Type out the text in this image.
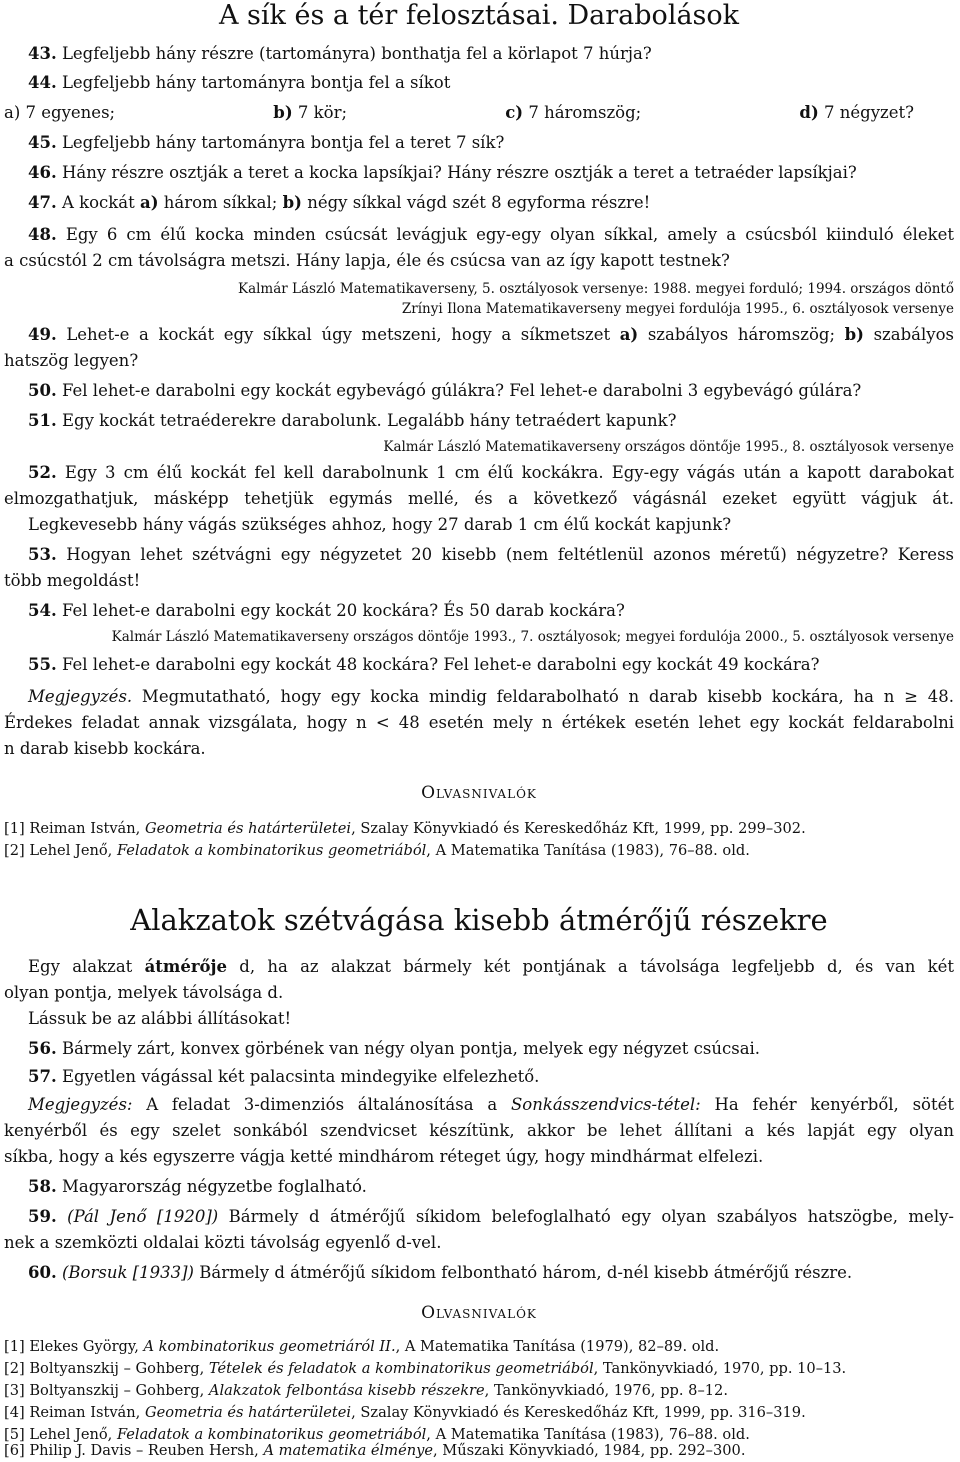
A sík és a tér felosztásai. Darabolások
43. Legfeljebb hány részre (tartományra) bonthatja fel a körlapot 7 húrja?
44. Legfeljebb hány tartományra bontja fel a síkot
a) 7 egyenes;	b) 7 kör;	c) 7 háromszög;	d) 7 négyzet?
45. Legfeljebb hány tartományra bontja fel a teret 7 sík?
46. Hány részre osztják a teret a kocka lapsíkjai? Hány részre osztják a teret a tetraéder lapsíkjai?
47. A kockát a) három síkkal; b) négy síkkal vágd szét 8 egyforma részre!
48. Egy 6 cm élű kocka minden csúcsát levágjuk egy-egy olyan síkkal, amely a csúcsból kiinduló éleket
a csúcstól 2 cm távolságra metszi. Hány lapja, éle és csúcsa van az így kapott testnek?
Kalmár László Matematikaverseny, 5. osztályosok versenye: 1988. megyei forduló; 1994. országos döntő
Zrínyi Ilona Matematikaverseny megyei fordulója 1995., 6. osztályosok versenye
49. Lehet-e a kockát egy síkkal úgy metszeni, hogy a síkmetszet a) szabályos háromszög; b) szabályos
hatszög legyen?
50. Fel lehet-e darabolni egy kockát egybevágó gúlákra? Fel lehet-e darabolni 3 egybevágó gúlára?
51. Egy kockát tetraéderekre darabolunk. Legalább hány tetraédert kapunk?
Kalmár László Matematikaverseny országos döntője 1995., 8. osztályosok versenye
52. Egy 3 cm élű kockát fel kell darabolnunk 1 cm élű kockákra. Egy-egy vágás után a kapott darabokat
elmozgathatjuk, másképp tehetjük egymás mellé, és a következő vágásnál ezeket együtt vágjuk át.
Legkevesebb hány vágás szükséges ahhoz, hogy 27 darab 1 cm élű kockát kapjunk?
53. Hogyan lehet szétvágni egy négyzetet 20 kisebb (nem feltétlenül azonos méretű) négyzetre? Keress
több megoldást!
54. Fel lehet-e darabolni egy kockát 20 kockára? És 50 darab kockára?
Kalmár László Matematikaverseny országos döntője 1993., 7. osztályosok; megyei fordulója 2000., 5. osztályosok versenye
55. Fel lehet-e darabolni egy kockát 48 kockára? Fel lehet-e darabolni egy kockát 49 kockára?
Megjegyzés. Megmutatható, hogy egy kocka mindig feldarabolható n darab kisebb kockára, ha n ≥ 48.
Érdekes feladat annak vizsgálata, hogy n < 48 esetén mely n értékek esetén lehet egy kockát feldarabolni
n darab kisebb kockára.
Olvasnivalók
[1] Reiman István, Geometria és határterületei, Szalay Könyvkiadó és Kereskedőház Kft, 1999, pp. 299–302.
[2] Lehel Jenő, Feladatok a kombinatorikus geometriából, A Matematika Tanítása (1983), 76–88. old.
Alakzatok szétvágása kisebb átmérőjű részekre
Egy alakzat átmérője d, ha az alakzat bármely két pontjának a távolsága legfeljebb d, és van két
olyan pontja, melyek távolsága d.
Lássuk be az alábbi állításokat!
56. Bármely zárt, konvex görbének van négy olyan pontja, melyek egy négyzet csúcsai.
57. Egyetlen vágással két palacsinta mindegyike elfelezhető.
Megjegyzés: A feladat 3-dimenziós általánosítása a Sonkásszendvics-tétel: Ha fehér kenyérből, sötét
kenyérből és egy szelet sonkából szendvicset készítünk, akkor be lehet állítani a kés lapját egy olyan
síkba, hogy a kés egyszerre vágja ketté mindhárom réteget úgy, hogy mindhármat elfelezi.
58. Magyarország négyzetbe foglalható.
59. (Pál Jenő [1920]) Bármely d átmérőjű síkidom belefoglalható egy olyan szabályos hatszögbe, mely-
nek a szemközti oldalai közti távolság egyenlő d-vel.
60. (Borsuk [1933]) Bármely d átmérőjű síkidom felbontható három, d-nél kisebb átmérőjű részre.
Olvasnivalók
[1] Elekes György, A kombinatorikus geometriáról II., A Matematika Tanítása (1979), 82–89. old.
[2] Boltyanszkij – Gohberg, Tételek és feladatok a kombinatorikus geometriából, Tankönyvkiadó, 1970, pp. 10–13.
[3] Boltyanszkij – Gohberg, Alakzatok felbontása kisebb részekre, Tankönyvkiadó, 1976, pp. 8–12.
[4] Reiman István, Geometria és határterületei, Szalay Könyvkiadó és Kereskedőház Kft, 1999, pp. 316–319.
[5] Lehel Jenő, Feladatok a kombinatorikus geometriából, A Matematika Tanítása (1983), 76–88. old.
[6] Philip J. Davis – Reuben Hersh, A matematika élménye, Műszaki Könyvkiadó, 1984, pp. 292–300.
